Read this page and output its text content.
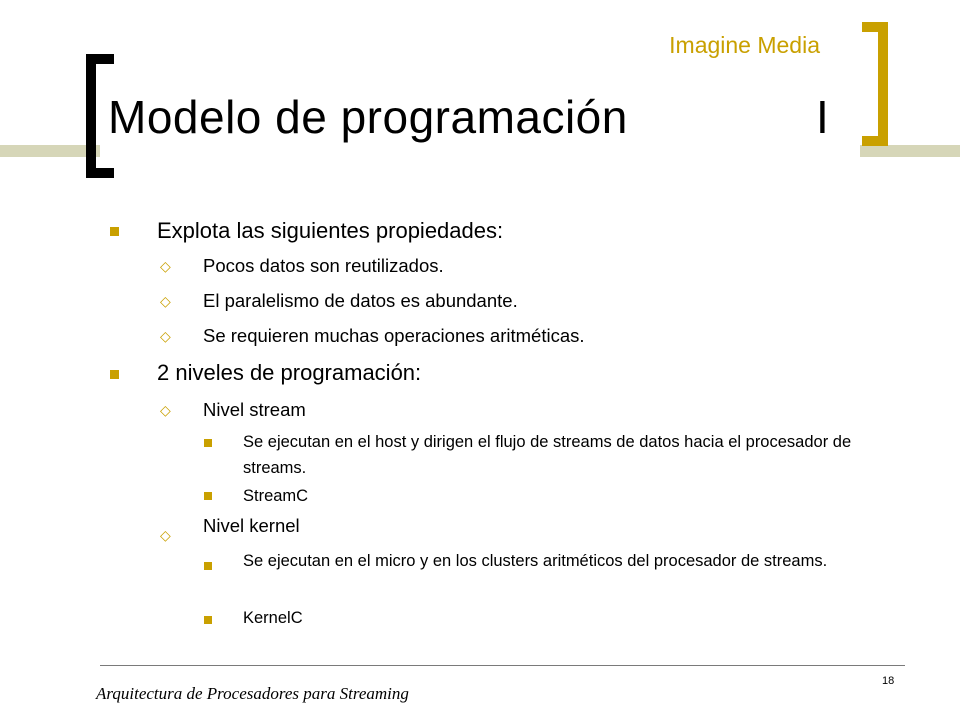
Imagine Media
Modelo de programación	I
Explota las siguientes propiedades:
◇ Pocos datos son reutilizados.
◇ El paralelismo de datos es abundante.
◇ Se requieren muchas operaciones aritméticas.
2 niveles de programación:
◇ Nivel stream
Se ejecutan en el host y dirigen el flujo de streams de datos hacia el procesador de streams.
StreamC
◇ Nivel kernel
Se ejecutan en el micro y en los clusters aritméticos del procesador de streams.
KernelC
18
Arquitectura de Procesadores para Streaming
